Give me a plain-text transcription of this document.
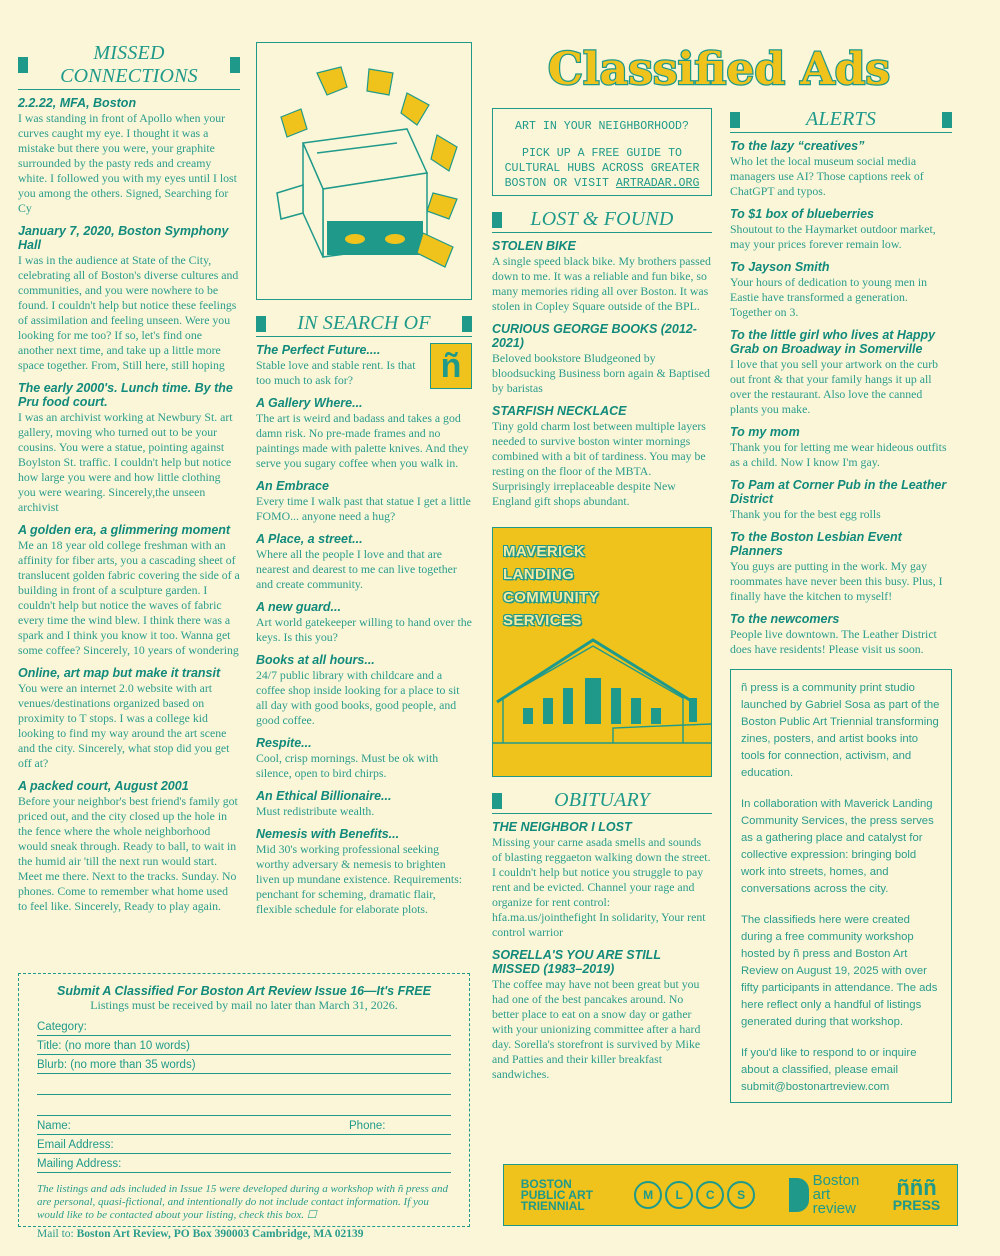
Classified Ads
MISSED CONNECTIONS
2.2.22, MFA, Boston

I was standing in front of Apollo when your curves caught my eye. I thought it was a mistake but there you were, your graphite surrounded by the pasty reds and creamy white. I followed you with my eyes until I lost you among the others. Signed, Searching for Cy

January 7, 2020, Boston Symphony Hall

I was in the audience at State of the City, celebrating all of Boston's diverse cultures and communities, and you were nowhere to be found. I couldn't help but notice these feelings of assimilation and feeling unseen. Were you looking for me too? If so, let's find one another next time, and take up a little more space together. From, Still here, still hoping

The early 2000's. Lunch time. By the Pru food court.

I was an archivist working at Newbury St. art gallery, moving who turned out to be your cousins. You were a statue, pointing against Boylston St. traffic. I couldn't help but notice how large you were and how little clothing you were wearing. Sincerely,the unseen archivist

A golden era, a glimmering moment

Me an 18 year old college freshman with an affinity for fiber arts, you a cascading sheet of translucent golden fabric covering the side of a building in front of a sculpture garden. I couldn't help but notice the waves of fabric every time the wind blew. I think there was a spark and I think you know it too. Wanna get some coffee? Sincerely, 10 years of wondering

Online, art map but make it transit

You were an internet 2.0 website with art venues/destinations organized based on proximity to T stops. I was a college kid looking to find my way around the art scene and the city. Sincerely, what stop did you get off at?

A packed court, August 2001

Before your neighbor's best friend's family got priced out, and the city closed up the hole in the fence where the whole neighborhood would sneak through. Ready to ball, to wait in the humid air 'till the next run would start. Meet me there. Next to the tracks. Sunday. No phones. Come to remember what home used to feel like. Sincerely, Ready to play again.

IN SEARCH OF
ñ
The Perfect Future....

Stable love and stable rent. Is that too much to ask for?

A Gallery Where...

The art is weird and badass and takes a god damn risk. No pre-made frames and no paintings made with palette knives. And they serve you sugary coffee when you walk in.

An Embrace

Every time I walk past that statue I get a little FOMO... anyone need a hug?

A Place, a street...

Where all the people I love and that are nearest and dearest to me can live together and create community.

A new guard...

Art world gatekeeper willing to hand over the keys. Is this you?

Books at all hours...

24/7 public library with childcare and a coffee shop inside looking for a place to sit all day with good books, good people, and good coffee.

Respite...

Cool, crisp mornings. Must be ok with silence, open to bird chirps.

An Ethical Billionaire...

Must redistribute wealth.

Nemesis with Benefits...

Mid 30's working professional seeking worthy adversary & nemesis to brighten liven up mundane existence. Requirements: penchant for scheming, dramatic flair, flexible schedule for elaborate plots.

ART IN YOUR NEIGHBORHOOD?
PICK UP A FREE GUIDE TO CULTURAL HUBS ACROSS GREATER BOSTON OR VISIT ARTRADAR.ORG
LOST & FOUND
STOLEN BIKE

A single speed black bike. My brothers passed down to me. It was a reliable and fun bike, so many memories riding all over Boston. It was stolen in Copley Square outside of the BPL.

CURIOUS GEORGE BOOKS (2012-2021)

Beloved bookstore Bludgeoned by bloodsucking Business born again & Baptised by baristas

STARFISH NECKLACE

Tiny gold charm lost between multiple layers needed to survive boston winter mornings combined with a bit of tardiness. You may be resting on the floor of the MBTA. Surprisingly irreplaceable despite New England gift shops abundant.

MAVERICK
LANDING
COMMUNITY
SERVICES
OBITUARY
THE NEIGHBOR I LOST

Missing your carne asada smells and sounds of blasting reggaeton walking down the street. I couldn't help but notice you struggle to pay rent and be evicted. Channel your rage and organize for rent control: hfa.ma.us/jointhefight In solidarity, Your rent control warrior

SORELLA'S YOU ARE STILL MISSED (1983–2019)

The coffee may have not been great but you had one of the best pancakes around. No better place to eat on a snow day or gather with your unionizing committee after a hard day. Sorella's storefront is survived by Mike and Patties and their killer breakfast sandwiches.

ALERTS
To the lazy “creatives”

Who let the local museum social media managers use AI? Those captions reek of ChatGPT and typos.

To $1 box of blueberries

Shoutout to the Haymarket outdoor market, may your prices forever remain low.

To Jayson Smith

Your hours of dedication to young men in Eastie have transformed a generation. Together on 3.

To the little girl who lives at Happy Grab on Broadway in Somerville

I love that you sell your artwork on the curb out front & that your family hangs it up all over the restaurant. Also love the canned plants you make.

To my mom

Thank you for letting me wear hideous outfits as a child. Now I know I'm gay.

To Pam at Corner Pub in the Leather District

Thank you for the best egg rolls

To the Boston Lesbian Event Planners

You guys are putting in the work. My gay roommates have never been this busy. Plus, I finally have the kitchen to myself!

To the newcomers

People live downtown. The Leather District does have residents! Please visit us soon.

ñ press is a community print studio launched by Gabriel Sosa as part of the Boston Public Art Triennial transforming zines, posters, and artist books into tools for connection, activism, and education.

In collaboration with Maverick Landing Community Services, the press serves as a gathering place and catalyst for collective expression: bringing bold work into streets, homes, and conversations across the city.

The classifieds here were created during a free community workshop hosted by ñ press and Boston Art Review on August 19, 2025 with over fifty participants in attendance. The ads here reflect only a handful of listings generated during that workshop.

If you'd like to respond to or inquire about a classified, please email submit@bostonartreview.com

Submit A Classified For Boston Art Review Issue 16—It's FREE
Listings must be received by mail no later than March 31, 2026.
Category:
Title: (no more than 10 words)
Blurb: (no more than 35 words)
Name:	Phone:
Email Address:
Mailing Address:
The listings and ads included in Issue 15 were developed during a workshop with ñ press and are personal, quasi-fictional, and intentionally do not include contact information. If you would like to be contacted about your listing, check this box. ☐
Mail to: Boston Art Review, PO Box 390003 Cambridge, MA 02139
BOSTON
PUBLIC ART
TRIENNIAL
M	L	C	S
Boston
art
review
ñññ
PRESS
